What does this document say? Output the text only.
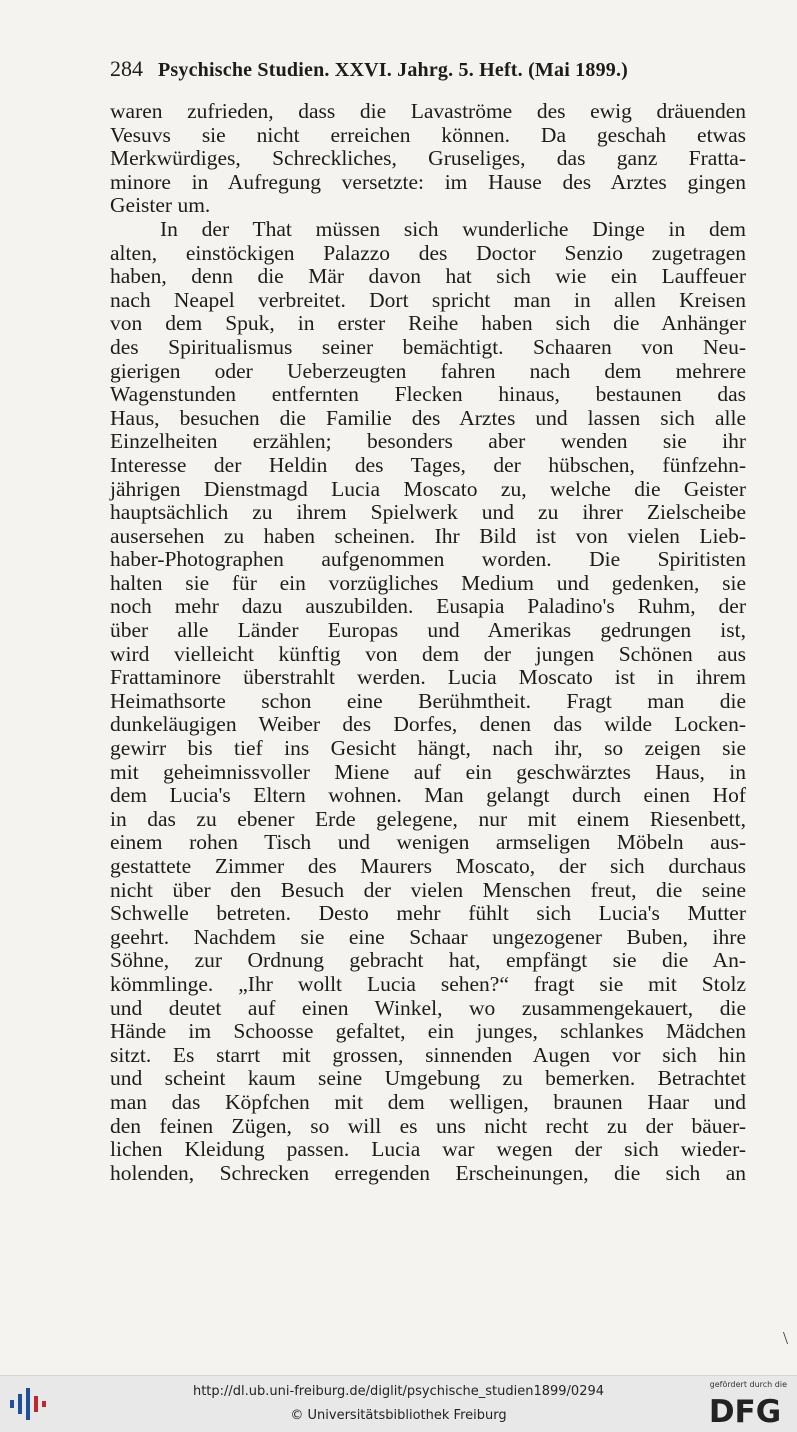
284 Psychische Studien. XXVI. Jahrg. 5. Heft. (Mai 1899.)
waren zufrieden, dass die Lavaströme des ewig dräuenden
Vesuvs sie nicht erreichen können. Da geschah etwas
Merkwürdiges, Schreckliches, Gruseliges, das ganz Fratta-
minore in Aufregung versetzte: im Hause des Arztes gingen
Geister um.
In der That müssen sich wunderliche Dinge in dem
alten, einstöckigen Palazzo des Doctor Senzio zugetragen
haben, denn die Mär davon hat sich wie ein Lauffeuer
nach Neapel verbreitet. Dort spricht man in allen Kreisen
von dem Spuk, in erster Reihe haben sich die Anhänger
des Spiritualismus seiner bemächtigt. Schaaren von Neu-
gierigen oder Ueberzeugten fahren nach dem mehrere
Wagenstunden entfernten Flecken hinaus, bestaunen das
Haus, besuchen die Familie des Arztes und lassen sich alle
Einzelheiten erzählen; besonders aber wenden sie ihr
Interesse der Heldin des Tages, der hübschen, fünfzehn-
jährigen Dienstmagd Lucia Moscato zu, welche die Geister
hauptsächlich zu ihrem Spielwerk und zu ihrer Zielscheibe
ausersehen zu haben scheinen. Ihr Bild ist von vielen Lieb-
haber-Photographen aufgenommen worden. Die Spiritisten
halten sie für ein vorzügliches Medium und gedenken, sie
noch mehr dazu auszubilden. Eusapia Paladino's Ruhm, der
über alle Länder Europas und Amerikas gedrungen ist,
wird vielleicht künftig von dem der jungen Schönen aus
Frattaminore überstrahlt werden. Lucia Moscato ist in ihrem
Heimathsorte schon eine Berühmtheit. Fragt man die
dunkeläugigen Weiber des Dorfes, denen das wilde Locken-
gewirr bis tief ins Gesicht hängt, nach ihr, so zeigen sie
mit geheimnissvoller Miene auf ein geschwärztes Haus, in
dem Lucia's Eltern wohnen. Man gelangt durch einen Hof
in das zu ebener Erde gelegene, nur mit einem Riesenbett,
einem rohen Tisch und wenigen armseligen Möbeln aus-
gestattete Zimmer des Maurers Moscato, der sich durchaus
nicht über den Besuch der vielen Menschen freut, die seine
Schwelle betreten. Desto mehr fühlt sich Lucia's Mutter
geehrt. Nachdem sie eine Schaar ungezogener Buben, ihre
Söhne, zur Ordnung gebracht hat, empfängt sie die An-
kömmlinge. „Ihr wollt Lucia sehen?“ fragt sie mit Stolz
und deutet auf einen Winkel, wo zusammengekauert, die
Hände im Schoosse gefaltet, ein junges, schlankes Mädchen
sitzt. Es starrt mit grossen, sinnenden Augen vor sich hin
und scheint kaum seine Umgebung zu bemerken. Betrachtet
man das Köpfchen mit dem welligen, braunen Haar und
den feinen Zügen, so will es uns nicht recht zu der bäuer-
lichen Kleidung passen. Lucia war wegen der sich wieder-
holenden, Schrecken erregenden Erscheinungen, die sich an
\
http://dl.ub.uni-freiburg.de/diglit/psychische_studien1899/0294
© Universitätsbibliothek Freiburg
gefördert durch die
DFG
